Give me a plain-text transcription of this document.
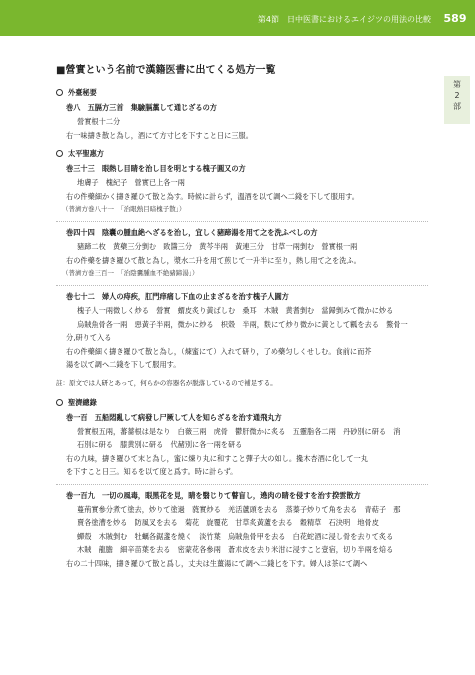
第4節　日中医書におけるエイジツの用法の比較	589
第
2
部
■營實という名前で漢籍医書に出てくる処方一覧
外臺秘要
巻八　五膈方三首　集驗膈藁して通じざるの方
營實根十二分
右一味擣き散と為し，酒にて方寸匕を下すこと日に三服。
太平聖惠方
巻三十三　眼熱し目睛を治し目を明とする槐子圓又の方
地膚子　槐紀子　營實已上各一兩
右の件藥細かく擣き羅ひて散と為す。時候に計らず，溫酒を以て調へ二錢を下して服用す。
（普濟方巻八十一　「治眼熱目暗槐子散」）
巻四十四　陰囊の腫血絶へざるを治し，宜しく豬蹄湯を用て之を洗ふべしの方
豬蹄二枚　黄蘗三分剉む　敗醬三分　黄芩半兩　黃連三分　甘草一兩剉む　營實根一兩
右の件藥を擣き羅ひて散と為し，漿水二升を用て煎じて一升半に至り，熱し用て之を洗ふ。
（普濟方巻三百一　「治陰囊腫血不絶豬蹄湯」）
巻七十二　婦人の痔疾，肛門痒痛し下血の止まざるを治す槐子人圓方
槐子人一兩微しく炒る　營實　蝟皮炙り黃ばしむ　桑耳　木賊　黄耆剉む　當歸剉みて微かに炒る
烏賊魚骨各一兩　惡黃子半兩，微かに炒る　枳殼　半兩，麩にて炒り微かに黃として瓤を去る　鱉骨一
分,研りて入る
右の件藥細く擣き羅ひて散と為し，（煉蜜にて）入れて研り，了め藥匀しくせしむ。食前に而芥
湯を以て調へ二錢を下して服用す。
註：原文では人研とあって，何らかの容器名が脱落しているので補足する。
聖濟總錄
巻一百　五船悶亂して病發し尸厥して人を知らざるを治す通飛丸方
營實根五兩，蕃薔根は是なり　白薇三兩　虎骨　鬱肝微かに炙る　五靈脂各二兩　丹砂別に研る　消
石別に研る　膝黄別に研る　代赭別に各一兩を研る
右の九味，擣き羅ひて末と為し，蜜に煉り丸に和すこと彈子大の如し。攙木杏酒に化して一丸
を下すこと日三。知るを以て度と爲す。時に計らず。
巻一百九　一切の風毒，眼黑花を見，睛を翳じりて瞽盲し，遶肉の睛を侵すを治す揆雲散方
蔓荊實參分煮て塗去，炒りて塗過　蕤實炒る　羌活蘆頭を去る　蒸蓁子炒りて角を去る　青萜子　那
賣各塗漕を炒る　防風叉を去る　菊花　旋覆花　甘草炙黃蘆を去る　穀精草　石決明　地骨皮
蟬殻　木賊剉む　牡蠣各鋸盞を燒く　淡竹葉　烏賊魚骨甲を去る　白花蛇酒に浸し骨を去りて炙る
木賊　龍膽　細辛苗葉を去る　密蒙花各參兩　蒼朮皮を去り米泔に浸すこと壹宿，切り半兩を焙る
右の二十四味，擣き羅ひて散と爲し，丈夫は生薑湯にて調へ二錢匕を下す。婦人は茶にて調へ
